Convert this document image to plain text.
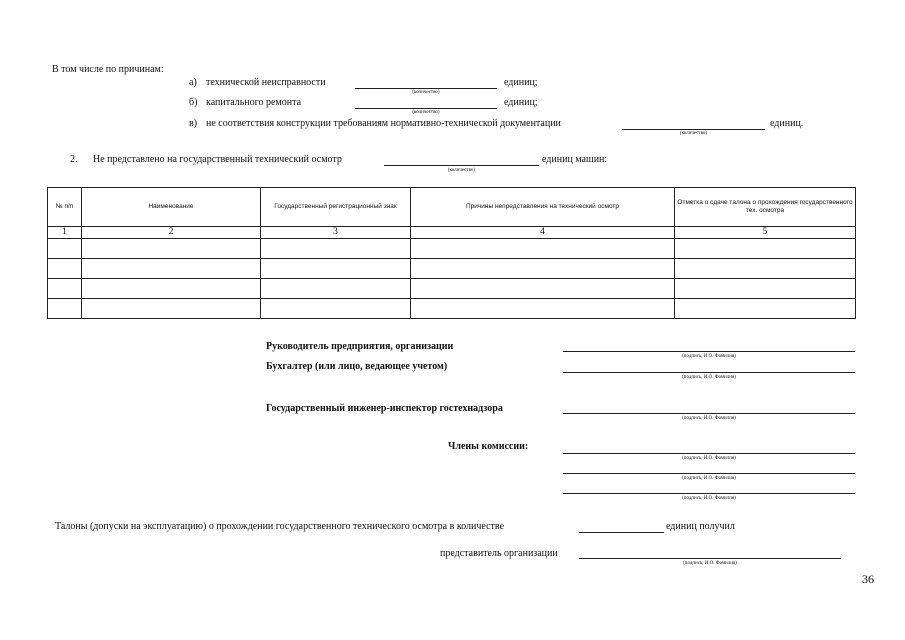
В том числе по причинам:
а) технической неисправности
(количество)
единиц;
б) капитального ремонта
(количество)
единиц;
в) не соответствия конструкции требованиям нормативно-технической документации
(количество)
единиц.
2. Не представлено на государственный технический осмотр
(количество)
единиц машин:
№ п/п	Наименование	Государственный регистрационный знак	Причины непредставления на технический осмотр	Отметка о сдаче талона о прохождения государственного тех. осмотра
1	2	3	4	5

Руководитель предприятия, организации
(подпись, И.О. Фамилия)
Бухгалтер (или лицо, ведающее учетом)
(подпись, И.О. Фамилия)
Государственный инженер-инспектор гостехнадзора
(подпись, И.О. Фамилия)
Члены комиссии:
(подпись, И.О. Фамилия)
(подпись, И.О. Фамилия)
(подпись, И.О. Фамилия)
Талоны (допуски на эксплуатацию) о прохождении государственного технического осмотра в количестве	единиц получил
представитель организации
(подпись, И.О. Фамилия)
36
